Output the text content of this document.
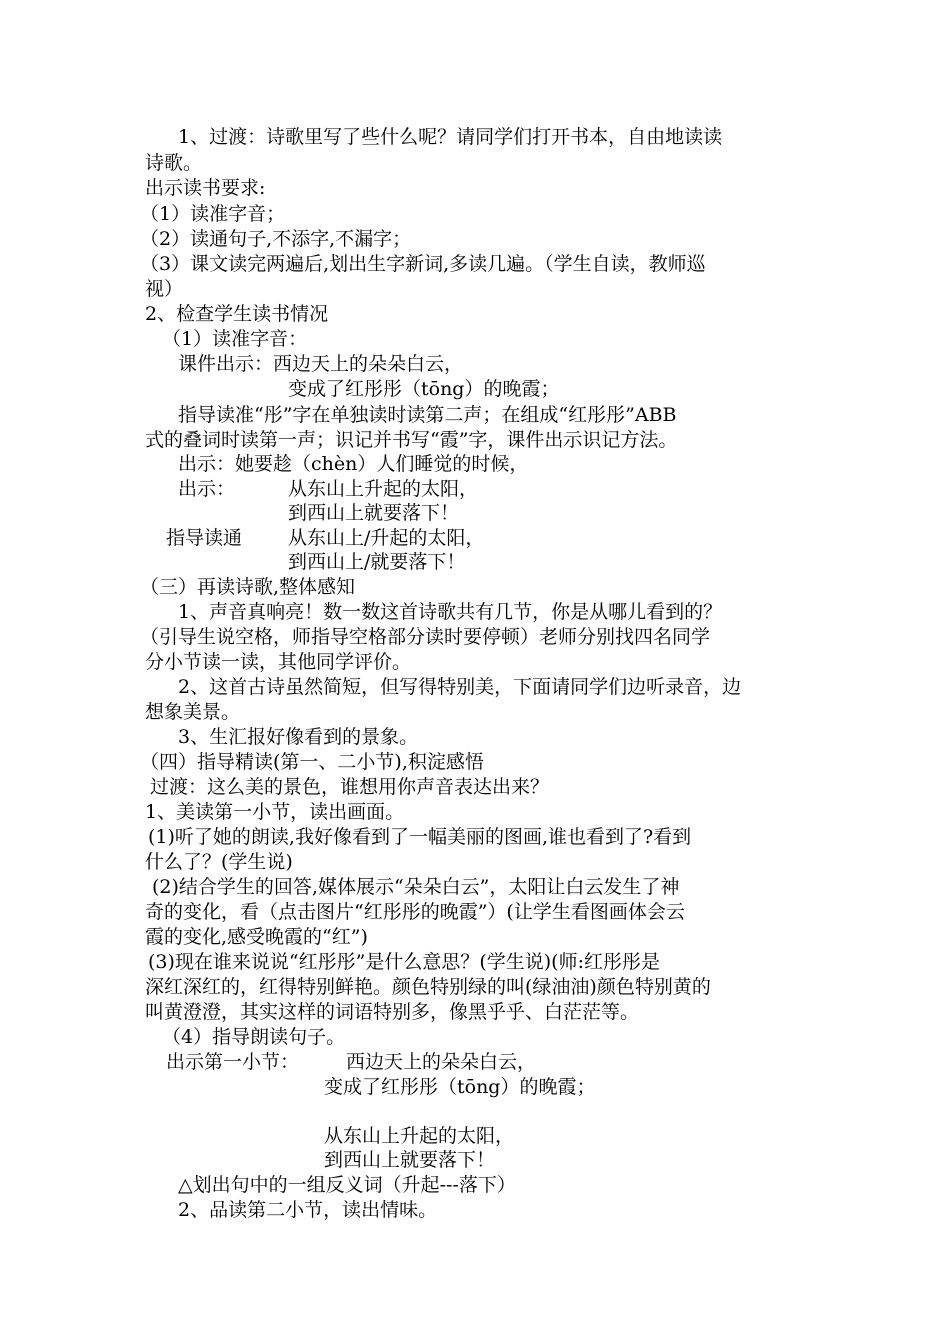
1、过渡：诗歌里写了些什么呢？请同学们打开书本，自由地读读

诗歌。

出示读书要求:

（1）读准字音；

（2）读通句子,不添字,不漏字；

（3）课文读完两遍后,划出生字新词,多读几遍。（学生自读，教师巡

视）

2、检查学生读书情况

（1）读准字音：

课件出示：西边天上的朵朵白云，

变成了红彤彤（tōng）的晚霞；

指导读准“彤”字在单独读时读第二声；在组成“红彤彤”ABB

式的叠词时读第一声；识记并书写“霞”字，课件出示识记方法。

出示：她要趁（chèn）人们睡觉的时候，

出示：	从东山上升起的太阳，

到西山上就要落下！

指导读通 从东山上/升起的太阳，

到西山上/就要落下！

（三）再读诗歌,整体感知

1、声音真响亮！数一数这首诗歌共有几节，你是从哪儿看到的？

（引导生说空格，师指导空格部分读时要停顿）老师分别找四名同学

分小节读一读，其他同学评价。

2、这首古诗虽然简短，但写得特别美，下面请同学们边听录音，边

想象美景。

3、生汇报好像看到的景象。

（四）指导精读(第一、二小节),积淀感悟

过渡：这么美的景色，谁想用你声音表达出来？

1、美读第一小节，读出画面。

(1)听了她的朗读,我好像看到了一幅美丽的图画,谁也看到了?看到

什么了？(学生说)

(2)结合学生的回答,媒体展示“朵朵白云”，太阳让白云发生了神

奇的变化，看（点击图片“红彤彤的晚霞”）(让学生看图画体会云

霞的变化,感受晚霞的“红”)

(3)现在谁来说说“红彤彤”是什么意思？(学生说)(师:红彤彤是

深红深红的，红得特别鲜艳。颜色特别绿的叫(绿油油)颜色特别黄的

叫黄澄澄，其实这样的词语特别多，像黑乎乎、白茫茫等。

（4）指导朗读句子。

出示第一小节： 西边天上的朵朵白云，

变成了红彤彤（tōng）的晚霞；

从东山上升起的太阳，

到西山上就要落下！

△划出句中的一组反义词（升起---落下）

2、品读第二小节，读出情味。
